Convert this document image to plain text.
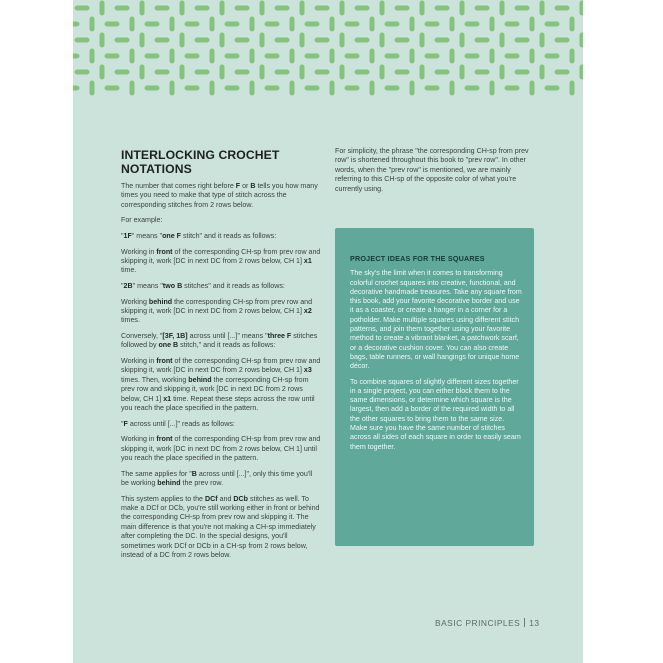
INTERLOCKING CROCHET NOTATIONS

The number that comes right before F or B tells you how many times you need to make that type of stitch across the corresponding stitches from 2 rows below.

For example:

"1F" means "one F stitch" and it reads as follows:

Working in front of the corresponding CH-sp from prev row and skipping it, work [DC in next DC from 2 rows below, CH 1] x1 time.

"2B" means "two B stitches" and it reads as follows:

Working behind the corresponding CH-sp from prev row and skipping it, work [DC in next DC from 2 rows below, CH 1] x2 times.

Conversely, "[3F, 1B] across until [...]" means "three F stitches followed by one B stitch," and it reads as follows:

Working in front of the corresponding CH-sp from prev row and skipping it, work [DC in next DC from 2 rows below, CH 1] x3 times. Then, working behind the corresponding CH-sp from prev row and skipping it, work [DC in next DC from 2 rows below, CH 1] x1 time. Repeat these steps across the row until you reach the place specified in the pattern.

"F across until [...]" reads as follows:

Working in front of the corresponding CH-sp from prev row and skipping it, work [DC in next DC from 2 rows below, CH 1] until you reach the place specified in the pattern.

The same applies for "B across until [...]", only this time you'll be working behind the prev row.

This system applies to the DCf and DCb stitches as well. To make a DCf or DCb, you're still working either in front or behind the corresponding CH-sp from prev row and skipping it. The main difference is that you're not making a CH-sp immediately after completing the DC. In the special designs, you'll sometimes work DCf or DCb in a CH-sp from 2 rows below, instead of a DC from 2 rows below.

For simplicity, the phrase "the corresponding CH-sp from prev row" is shortened throughout this book to "prev row". In other words, when the "prev row" is mentioned, we are mainly referring to this CH-sp of the opposite color of what you're currently using.

PROJECT IDEAS FOR THE SQUARES

The sky's the limit when it comes to transforming colorful crochet squares into creative, functional, and decorative handmade treasures. Take any square from this book, add your favorite decorative border and use it as a coaster, or create a hanger in a corner for a potholder. Make multiple squares using different stitch patterns, and join them together using your favorite method to create a vibrant blanket, a patchwork scarf, or a decorative cushion cover. You can also create bags, table runners, or wall hangings for unique home décor.

To combine squares of slightly different sizes together in a single project, you can either block them to the same dimensions, or determine which square is the largest, then add a border of the required width to all the other squares to bring them to the same size. Make sure you have the same number of stitches across all sides of each square in order to easily seam them together.

BASIC PRINCIPLES 13
